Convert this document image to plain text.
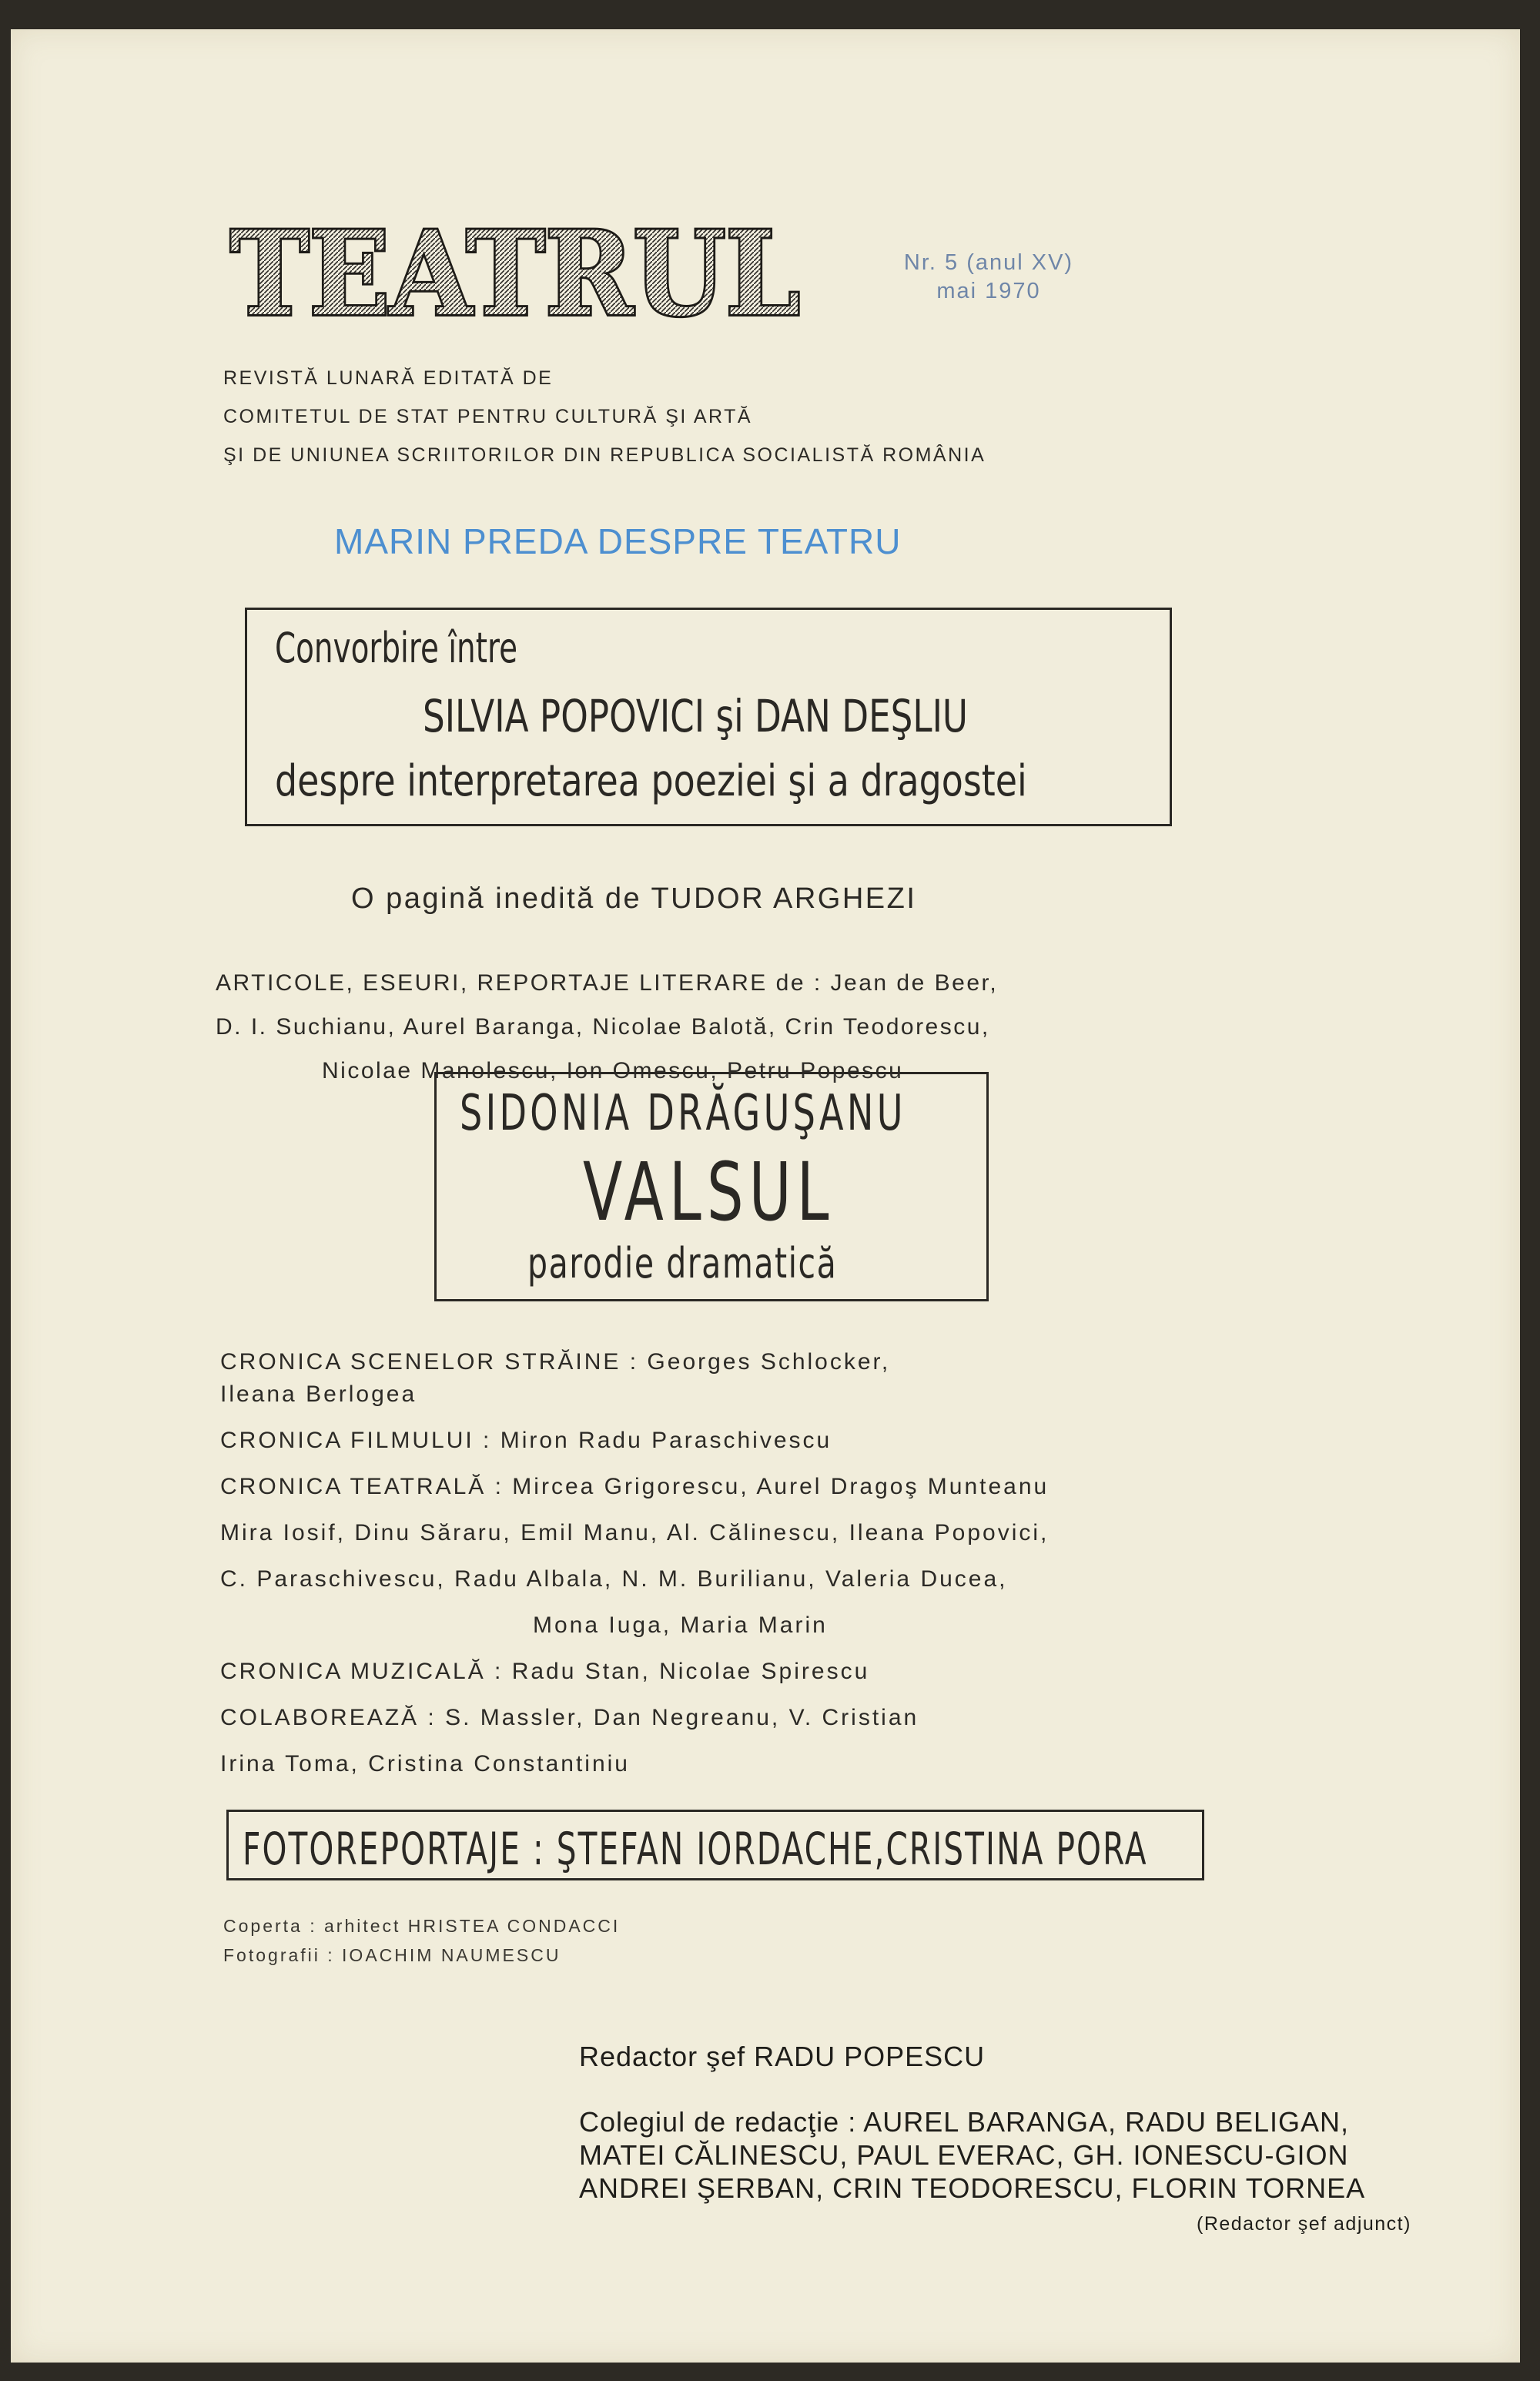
TEATRUL	Nr. 5 (anul XV)
mai 1970
REVISTĂ LUNARĂ EDITATĂ DE
COMITETUL DE STAT PENTRU CULTURĂ ŞI ARTĂ
ŞI DE UNIUNEA SCRIITORILOR DIN REPUBLICA SOCIALISTĂ ROMÂNIA
MARIN PREDA DESPRE TEATRU
Convorbire între
SILVIA POPOVICI şi DAN DEŞLIU
despre interpretarea poeziei şi a dragostei
O pagină inedită de TUDOR ARGHEZI
ARTICOLE, ESEURI, REPORTAJE LITERARE de : Jean de Beer,
D. I. Suchianu, Aurel Baranga, Nicolae Balotă, Crin Teodorescu,
Nicolae Manolescu, Ion Omescu, Petru Popescu
SIDONIA DRĂGUŞANU
VALSUL
parodie dramatică
CRONICA SCENELOR STRĂINE : Georges Schlocker,
Ileana Berlogea
CRONICA FILMULUI : Miron Radu Paraschivescu
CRONICA TEATRALĂ : Mircea Grigorescu, Aurel Dragoş Munteanu
Mira Iosif, Dinu Săraru, Emil Manu, Al. Călinescu, Ileana Popovici,
C. Paraschivescu, Radu Albala, N. M. Burilianu, Valeria Ducea,
Mona Iuga, Maria Marin
CRONICA MUZICALĂ : Radu Stan, Nicolae Spirescu
COLABOREAZĂ : S. Massler, Dan Negreanu, V. Cristian
Irina Toma, Cristina Constantiniu
FOTOREPORTAJE : ŞTEFAN IORDACHE,CRISTINA PORA
Coperta : arhitect HRISTEA CONDACCI
Fotografii : IOACHIM NAUMESCU
Redactor şef RADU POPESCU
Colegiul de redacţie : AUREL BARANGA, RADU BELIGAN,
MATEI CĂLINESCU, PAUL EVERAC, GH. IONESCU-GION
ANDREI ŞERBAN, CRIN TEODORESCU, FLORIN TORNEA
(Redactor şef adjunct)
